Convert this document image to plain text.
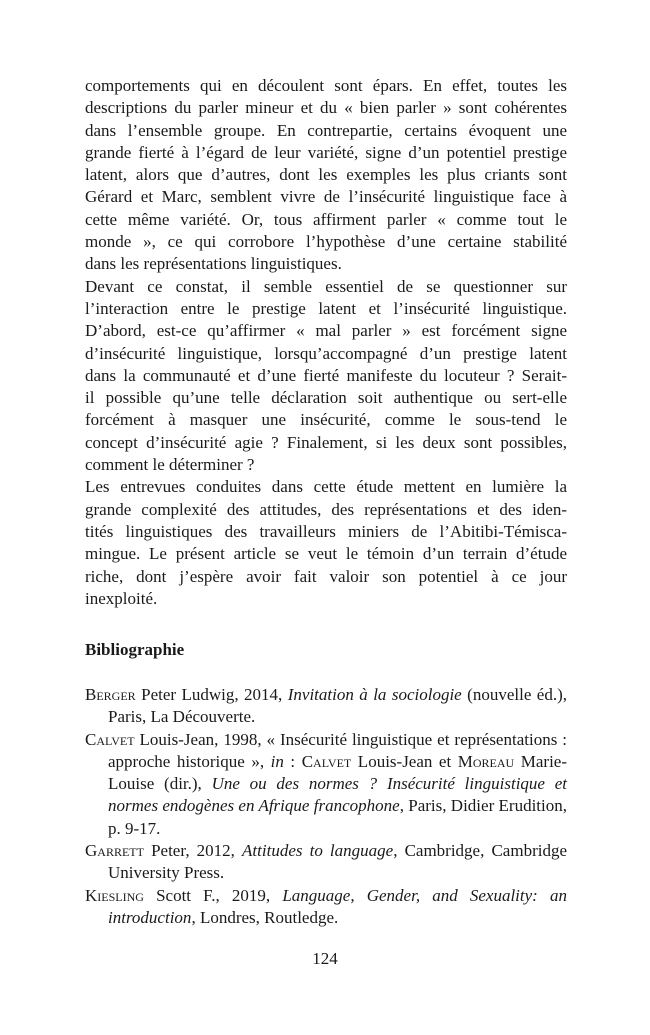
comportements qui en découlent sont épars. En effet, toutes les
descriptions du parler mineur et du « bien parler » sont cohérentes
dans l’ensemble groupe. En contrepartie, certains évoquent une
grande fierté à l’égard de leur variété, signe d’un potentiel prestige
latent, alors que d’autres, dont les exemples les plus criants sont
Gérard et Marc, semblent vivre de l’insécurité linguistique face à
cette même variété. Or, tous affirment parler « comme tout le
monde », ce qui corrobore l’hypothèse d’une certaine stabilité
dans les représentations linguistiques.

Devant ce constat, il semble essentiel de se questionner sur
l’interaction entre le prestige latent et l’insécurité linguistique.
D’abord, est-ce qu’affirmer « mal parler » est forcément signe
d’insécurité linguistique, lorsqu’accompagné d’un prestige latent
dans la communauté et d’une fierté manifeste du locuteur ? Serait-
il possible qu’une telle déclaration soit authentique ou sert-elle
forcément à masquer une insécurité, comme le sous-tend le
concept d’insécurité agie ? Finalement, si les deux sont possibles,
comment le déterminer ?

Les entrevues conduites dans cette étude mettent en lumière la
grande complexité des attitudes, des représentations et des iden-
tités linguistiques des travailleurs miniers de l’Abitibi-Témisca-
mingue. Le présent article se veut le témoin d’un terrain d’étude
riche, dont j’espère avoir fait valoir son potentiel à ce jour
inexploité.

Bibliographie
Berger Peter Ludwig, 2014, Invitation à la sociologie (nouvelle éd.), Paris, La Découverte.
Calvet Louis-Jean, 1998, « Insécurité linguistique et représentations : approche historique », in : Calvet Louis-Jean et Moreau Marie-Louise (dir.), Une ou des normes ? Insécurité linguistique et normes endogènes en Afrique francophone, Paris, Didier Erudition, p. 9-17.
Garrett Peter, 2012, Attitudes to language, Cambridge, Cambridge University Press.
Kiesling Scott F., 2019, Language, Gender, and Sexuality: an introduction, Londres, Routledge.
124
